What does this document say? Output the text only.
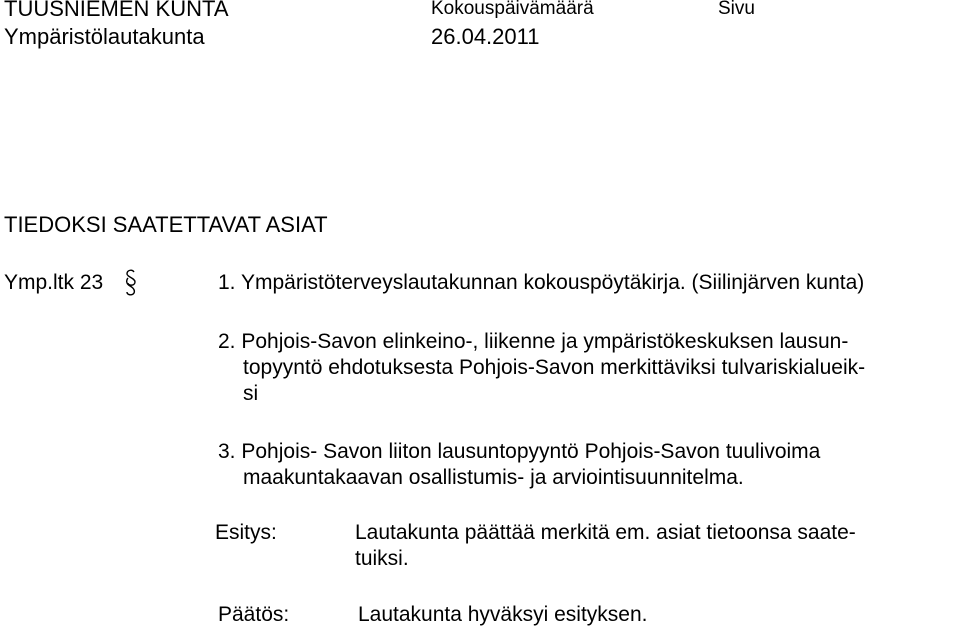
TUUSNIEMEN KUNTA
Ympäristölautakunta
Kokouspäivämäärä
26.04.2011
Sivu
TIEDOKSI SAATETTAVAT ASIAT
Ymp.ltk 23	1. Ympäristöterveyslautakunnan kokouspöytäkirja. (Siilinjärven kunta)
2. Pohjois-Savon elinkeino-, liikenne ja ympäristökeskuksen lausun-
topyyntö ehdotuksesta Pohjois-Savon merkittäviksi tulvariskialueik-
si
3. Pohjois- Savon liiton lausuntopyyntö Pohjois-Savon tuulivoima
maakuntakaavan osallistumis- ja arviointisuunnitelma.
Esitys:	Lautakunta päättää merkitä em. asiat tietoonsa saate-
tuiksi.
Päätös:	Lautakunta hyväksyi esityksen.
